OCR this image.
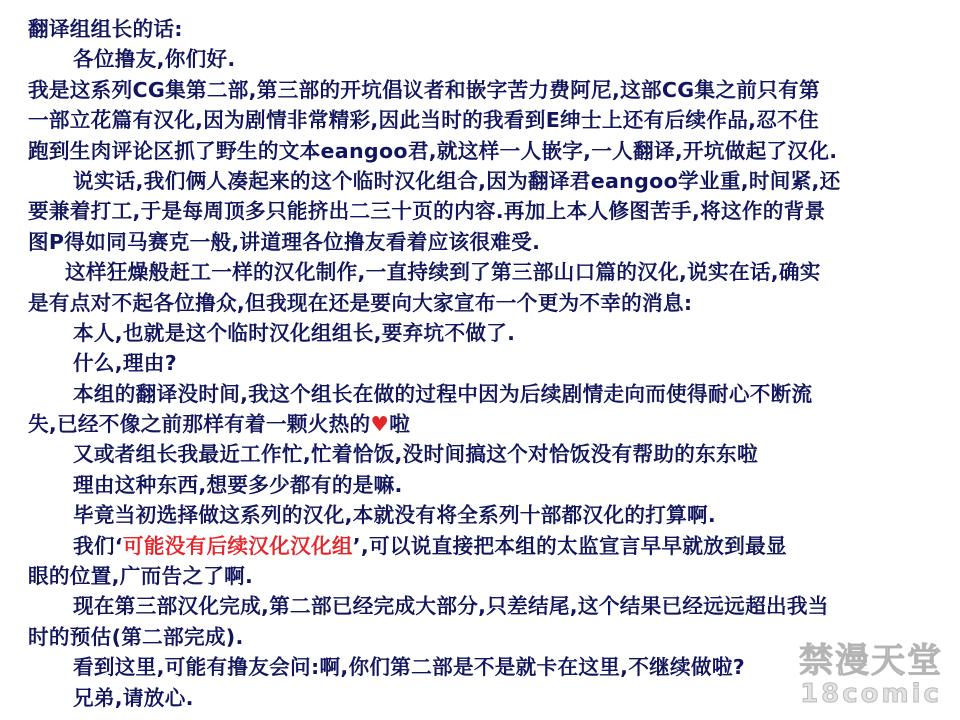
翻译组组长的话:
各位撸友,你们好.
我是这系列CG集第二部,第三部的开坑倡议者和嵌字苦力费阿尼,这部CG集之前只有第
一部立花篇有汉化,因为剧情非常精彩,因此当时的我看到E绅士上还有后续作品,忍不住
跑到生肉评论区抓了野生的文本eangoo君,就这样一人嵌字,一人翻译,开坑做起了汉化.
说实话,我们俩人凑起来的这个临时汉化组合,因为翻译君eangoo学业重,时间紧,还
要兼着打工,于是每周顶多只能挤出二三十页的内容.再加上本人修图苦手,将这作的背景
图P得如同马赛克一般,讲道理各位撸友看着应该很难受.
这样狂燥般赶工一样的汉化制作,一直持续到了第三部山口篇的汉化,说实在话,确实
是有点对不起各位撸众,但我现在还是要向大家宣布一个更为不幸的消息:
本人,也就是这个临时汉化组组长,要弃坑不做了.
什么,理由?
本组的翻译没时间,我这个组长在做的过程中因为后续剧情走向而使得耐心不断流
失,已经不像之前那样有着一颗火热的♥啦
又或者组长我最近工作忙,忙着恰饭,没时间搞这个对恰饭没有帮助的东东啦
理由这种东西,想要多少都有的是嘛.
毕竟当初选择做这系列的汉化,本就没有将全系列十部都汉化的打算啊.
我们‘可能没有后续汉化汉化组’,可以说直接把本组的太监宣言早早就放到最显
眼的位置,广而告之了啊.
现在第三部汉化完成,第二部已经完成大部分,只差结尾,这个结果已经远远超出我当
时的预估(第二部完成).
看到这里,可能有撸友会问:啊,你们第二部是不是就卡在这里,不继续做啦?
兄弟,请放心.
禁漫天堂
18comic
